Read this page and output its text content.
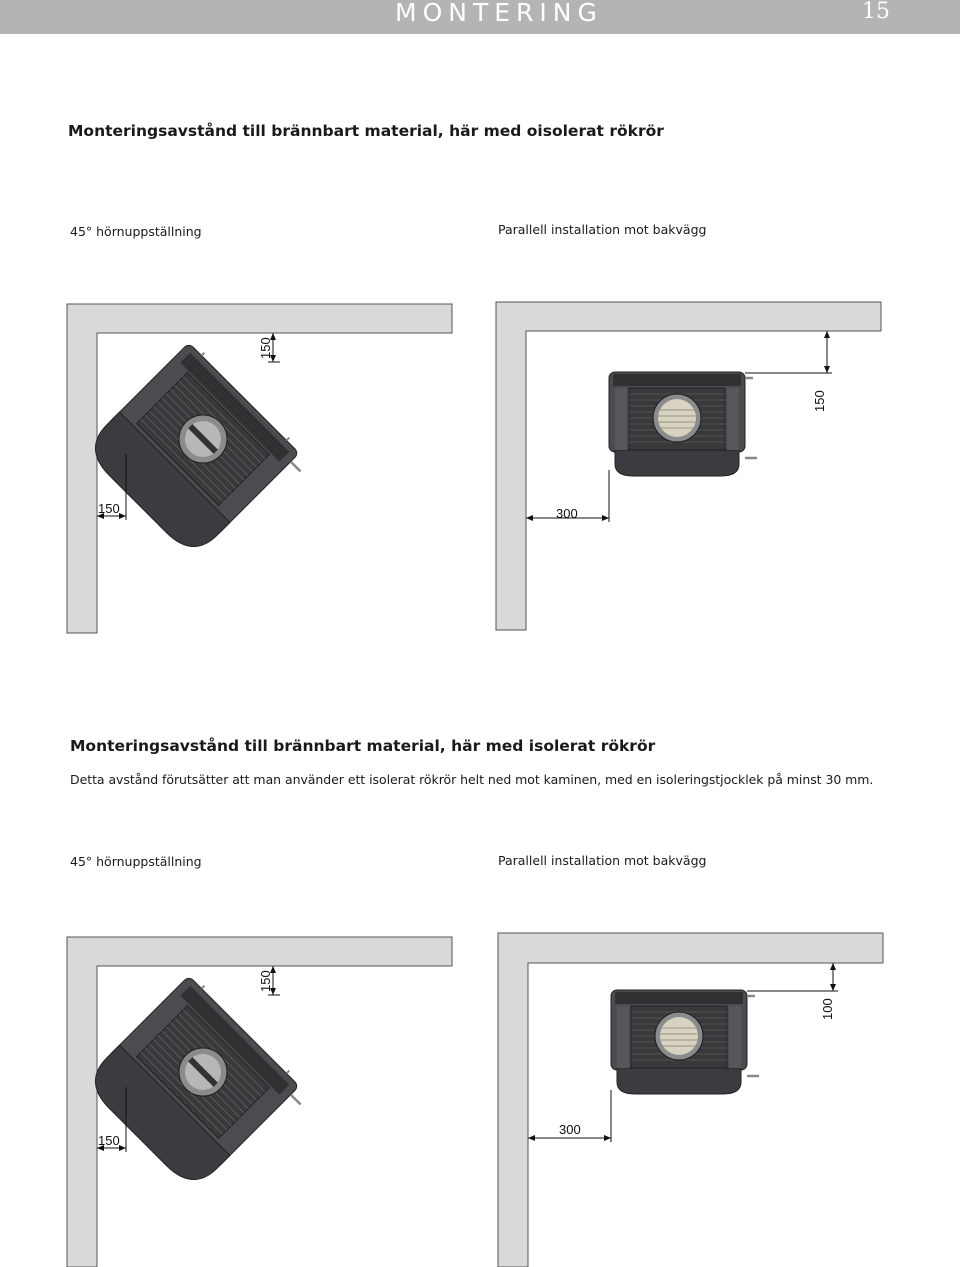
MONTERING	15
Monteringsavstånd till brännbart material, här med oisolerat rökrör
45° hörnuppställning	Parallell installation mot bakvägg
Monteringsavstånd till brännbart material, här med isolerat rökrör
Detta avstånd förutsätter att man använder ett isolerat rökrör helt ned mot kaminen, med en isoleringstjocklek på minst 30 mm.
45° hörnuppställning	Parallell installation mot bakvägg
150
150
150
300
150
150
100
300
